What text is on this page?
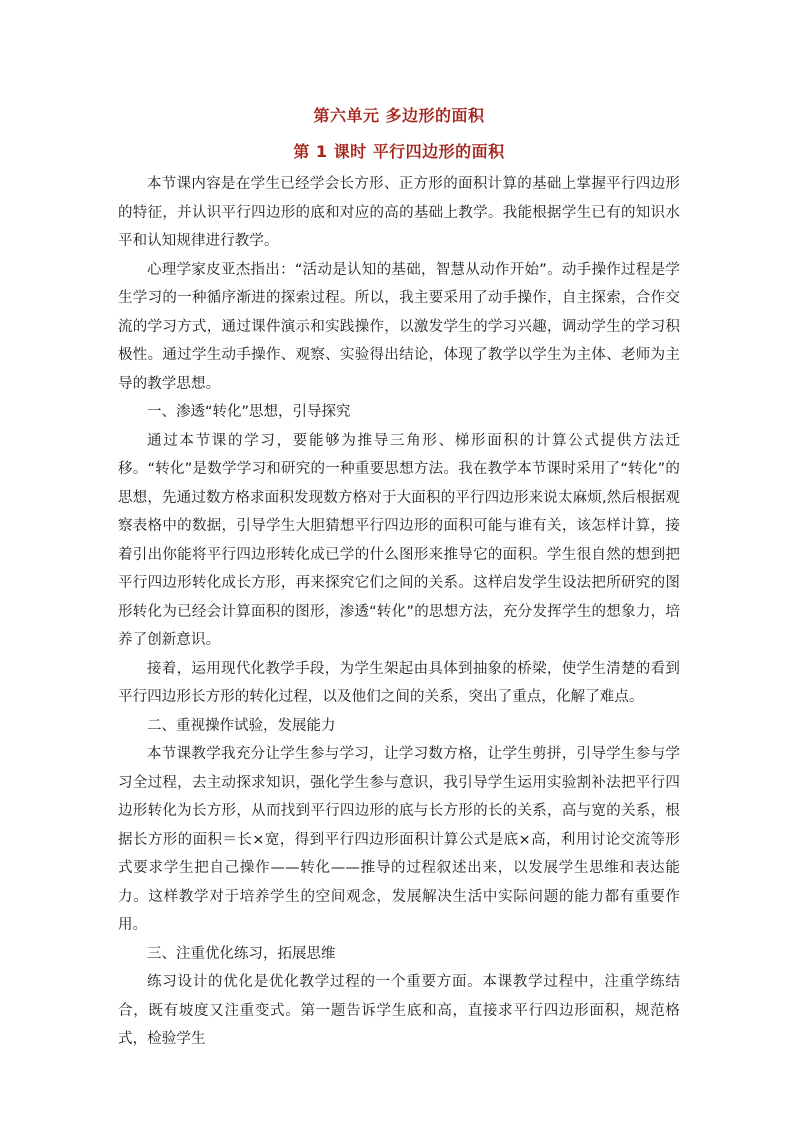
第六单元 多边形的面积
第 1 课时 平行四边形的面积

本节课内容是在学生已经学会长方形、正方形的面积计算的基础上掌握平行四边形的特征，并认识平行四边形的底和对应的高的基础上教学。我能根据学生已有的知识水平和认知规律进行教学。

心理学家皮亚杰指出：“活动是认知的基础，智慧从动作开始”。动手操作过程是学生学习的一种循序渐进的探索过程。所以，我主要采用了动手操作，自主探索，合作交流的学习方式，通过课件演示和实践操作，以激发学生的学习兴趣，调动学生的学习积极性。通过学生动手操作、观察、实验得出结论，体现了教学以学生为主体、老师为主导的教学思想。

一、渗透“转化”思想，引导探究

通过本节课的学习，要能够为推导三角形、梯形面积的计算公式提供方法迁移。“转化”是数学学习和研究的一种重要思想方法。我在教学本节课时采用了“转化”的思想，先通过数方格求面积发现数方格对于大面积的平行四边形来说太麻烦,然后根据观察表格中的数据，引导学生大胆猜想平行四边形的面积可能与谁有关，该怎样计算，接着引出你能将平行四边形转化成已学的什么图形来推导它的面积。学生很自然的想到把平行四边形转化成长方形，再来探究它们之间的关系。这样启发学生设法把所研究的图形转化为已经会计算面积的图形，渗透“转化”的思想方法，充分发挥学生的想象力，培养了创新意识。

接着，运用现代化教学手段，为学生架起由具体到抽象的桥梁，使学生清楚的看到平行四边形长方形的转化过程，以及他们之间的关系，突出了重点，化解了难点。

二、重视操作试验，发展能力

本节课教学我充分让学生参与学习，让学习数方格，让学生剪拼，引导学生参与学习全过程，去主动探求知识，强化学生参与意识，我引导学生运用实验割补法把平行四边形转化为长方形，从而找到平行四边形的底与长方形的长的关系，高与宽的关系，根据长方形的面积＝长×宽，得到平行四边形面积计算公式是底×高，利用讨论交流等形式要求学生把自己操作——转化——推导的过程叙述出来，以发展学生思维和表达能力。这样教学对于培养学生的空间观念，发展解决生活中实际问题的能力都有重要作用。

三、注重优化练习，拓展思维

练习设计的优化是优化教学过程的一个重要方面。本课教学过程中，注重学练结合，既有坡度又注重变式。第一题告诉学生底和高，直接求平行四边形面积，规范格式，检验学生
